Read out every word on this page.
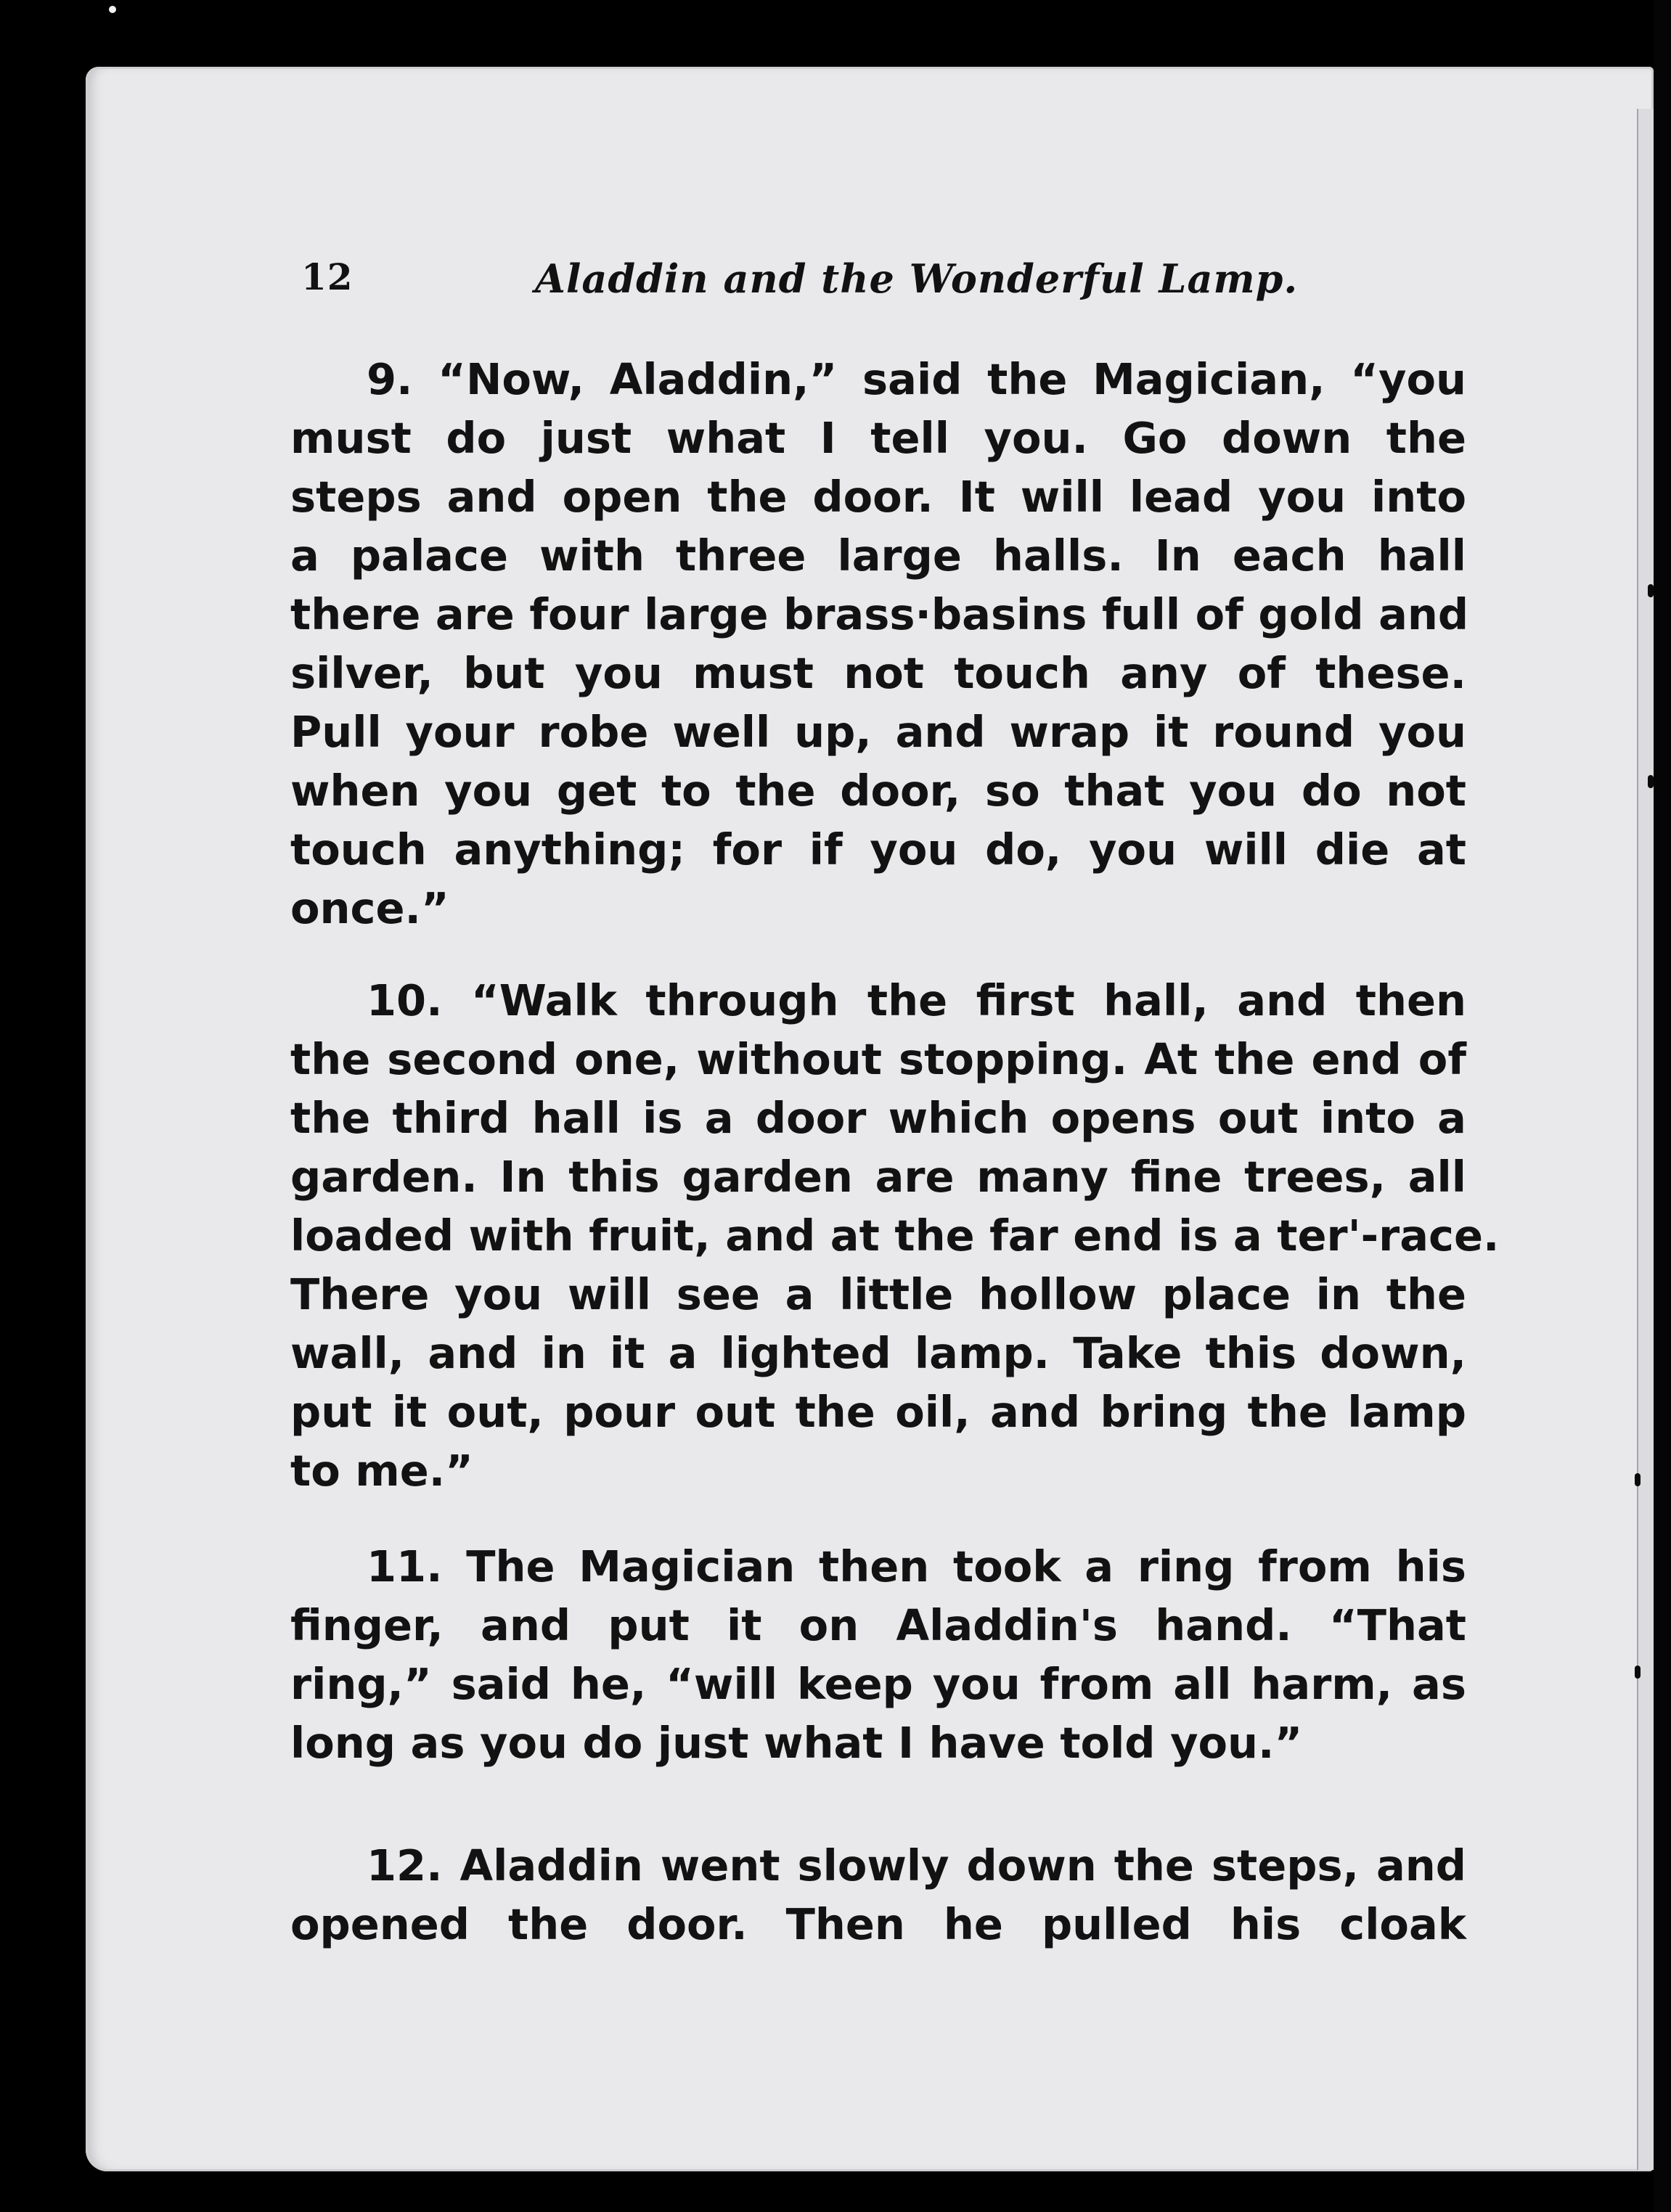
12	Aladdin and the Wonderful Lamp.
9. “Now, Aladdin,” said the Magician, “you
must do just what I tell you. Go down the
steps and open the door. It will lead you into
a palace with three large halls. In each hall
there are four large brass·basins full of gold and
silver, but you must not touch any of these.
Pull your robe well up, and wrap it round you
when you get to the door, so that you do not
touch anything; for if you do, you will die at
once.”
10. “Walk through the first hall, and then
the second one, without stopping. At the end of
the third hall is a door which opens out into a
garden. In this garden are many fine trees, all
loaded with fruit, and at the far end is a ter'-race.
There you will see a little hollow place in the
wall, and in it a lighted lamp. Take this down,
put it out, pour out the oil, and bring the lamp
to me.”
11. The Magician then took a ring from his
finger, and put it on Aladdin's hand. “That
ring,” said he, “will keep you from all harm, as
long as you do just what I have told you.”
12. Aladdin went slowly down the steps, and
opened the door. Then he pulled his cloak
